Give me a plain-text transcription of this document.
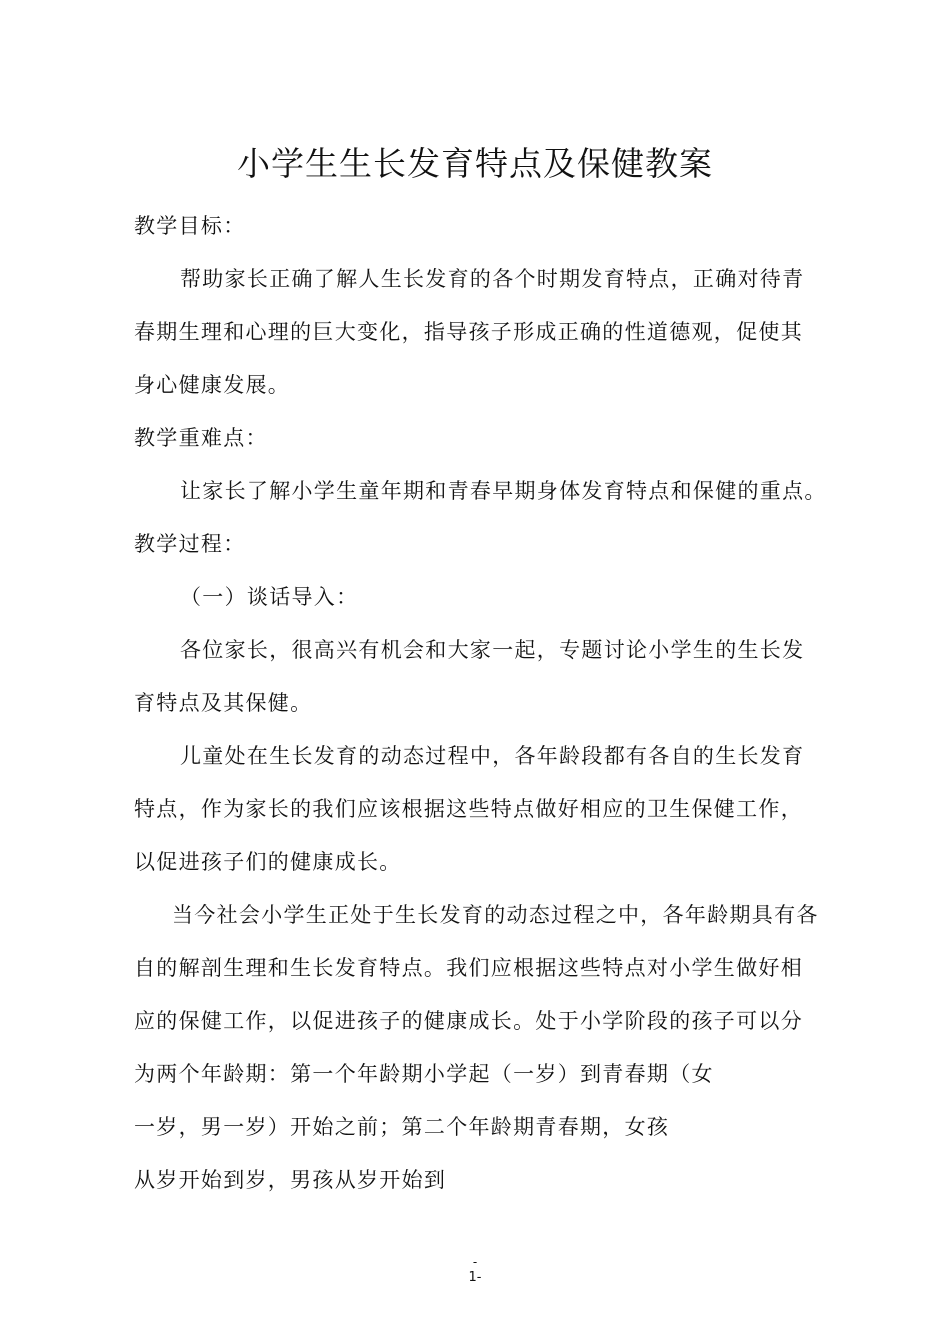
小学生生长发育特点及保健教案
教学目标：
帮助家长正确了解人生长发育的各个时期发育特点，正确对待青
春期生理和心理的巨大变化，指导孩子形成正确的性道德观，促使其
身心健康发展。
教学重难点：
让家长了解小学生童年期和青春早期身体发育特点和保健的重点。
教学过程：
（一）谈话导入：
各位家长，很高兴有机会和大家一起，专题讨论小学生的生长发
育特点及其保健。
儿童处在生长发育的动态过程中，各年龄段都有各自的生长发育
特点，作为家长的我们应该根据这些特点做好相应的卫生保健工作，
以促进孩子们的健康成长。
当今社会小学生正处于生长发育的动态过程之中，各年龄期具有各
自的解剖生理和生长发育特点。我们应根据这些特点对小学生做好相
应的保健工作，以促进孩子的健康成长。处于小学阶段的孩子可以分
为两个年龄期：第一个年龄期小学起（一岁）到青春期（女
一岁，男一岁）开始之前；第二个年龄期青春期，女孩
从岁开始到岁，男孩从岁开始到
-
1-
